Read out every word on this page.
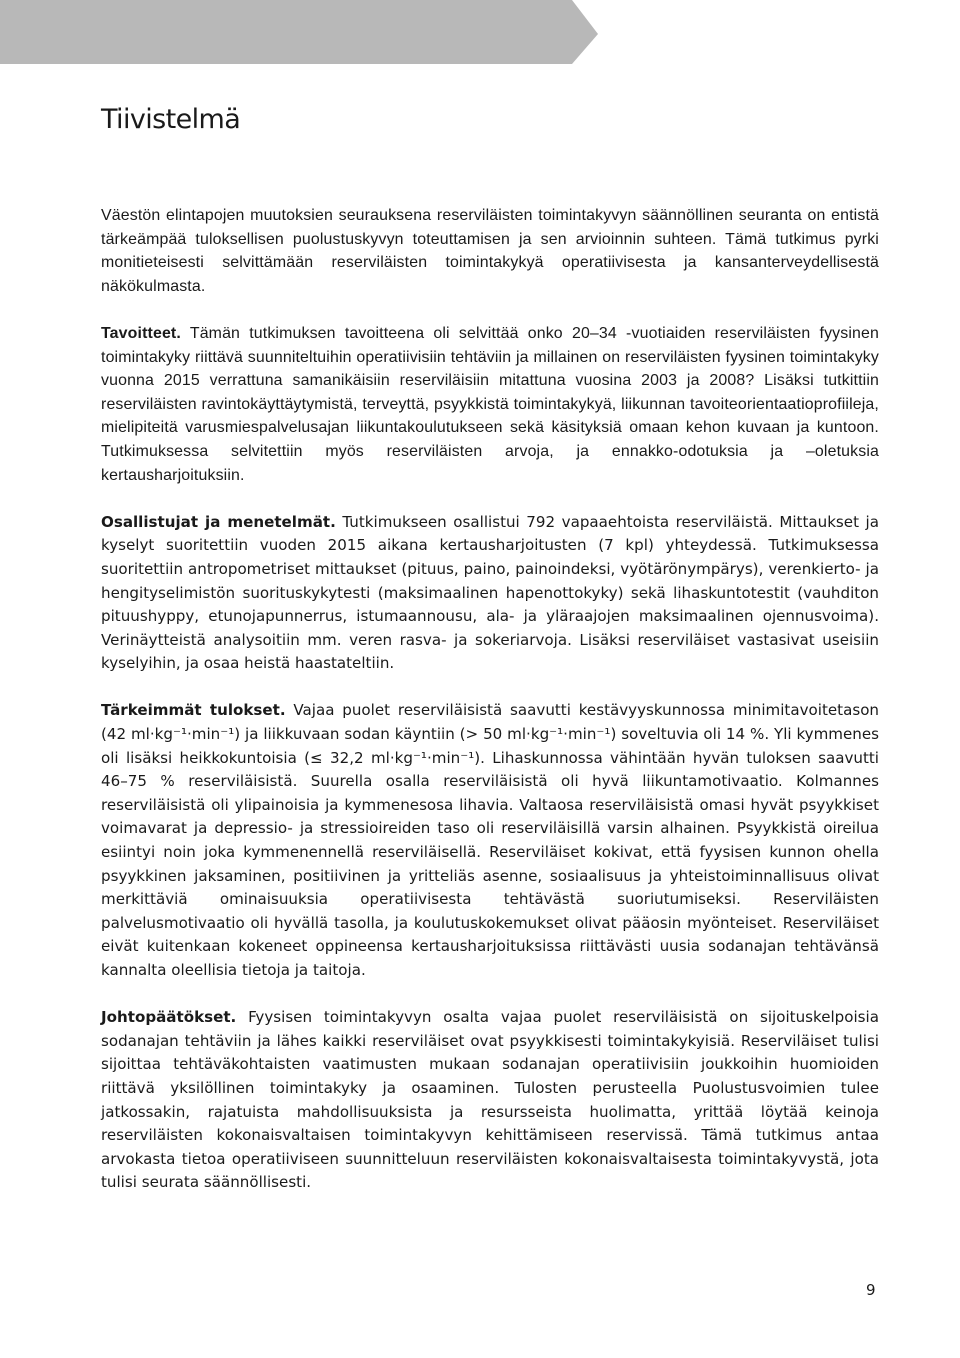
Tiivistelmä

Väestön elintapojen muutoksien seurauksena reserviläisten toimintakyvyn säännöllinen seuranta on entistä tärkeämpää tuloksellisen puolustuskyvyn toteuttamisen ja sen arvioinnin suhteen. Tämä tutkimus pyrki monitieteisesti selvittämään reserviläisten toimintakykyä operatiivisesta ja kansanterveydellisestä näkökulmasta.

Tavoitteet. Tämän tutkimuksen tavoitteena oli selvittää onko 20–34 -vuotiaiden reserviläisten fyysinen toimintakyky riittävä suunniteltuihin operatiivisiin tehtäviin ja millainen on reserviläisten fyysinen toimintakyky vuonna 2015 verrattuna samanikäisiin reserviläisiin mitattuna vuosina 2003 ja 2008? Lisäksi tutkittiin reserviläisten ravintokäyttäytymistä, terveyttä, psyykkistä toimintakykyä, liikunnan tavoiteorientaatioprofiileja, mielipiteitä varusmiespalvelusajan liikuntakoulutukseen sekä käsityksiä omaan kehon kuvaan ja kuntoon. Tutkimuksessa selvitettiin myös reserviläisten arvoja, ja ennakko-odotuksia ja –oletuksia kertausharjoituksiin.

Osallistujat ja menetelmät. Tutkimukseen osallistui 792 vapaaehtoista reserviläistä. Mittaukset ja kyselyt suoritettiin vuoden 2015 aikana kertausharjoitusten (7 kpl) yhteydessä. Tutkimuksessa suoritettiin antropometriset mittaukset (pituus, paino, painoindeksi, vyötärönympärys), verenkierto- ja hengityselimistön suorituskykytesti (maksimaalinen hapenottokyky) sekä lihaskuntotestit (vauhditon pituushyppy, etunojapunnerrus, istumaannousu, ala- ja yläraajojen maksimaalinen ojennusvoima). Verinäytteistä analysoitiin mm. veren rasva- ja sokeriarvoja. Lisäksi reserviläiset vastasivat useisiin kyselyihin, ja osaa heistä haastateltiin.

Tärkeimmät tulokset. Vajaa puolet reserviläisistä saavutti kestävyyskunnossa minimitavoitetason (42 ml·kg⁻¹·min⁻¹) ja liikkuvaan sodan käyntiin (> 50 ml·kg⁻¹·min⁻¹) soveltuvia oli 14 %. Yli kymmenes oli lisäksi heikkokuntoisia (≤ 32,2 ml·kg⁻¹·min⁻¹). Lihaskunnossa vähintään hyvän tuloksen saavutti 46–75 % reserviläisistä. Suurella osalla reserviläisistä oli hyvä liikuntamotivaatio. Kolmannes reserviläisistä oli ylipainoisia ja kymmenesosa lihavia. Valtaosa reserviläisistä omasi hyvät psyykkiset voimavarat ja depressio- ja stressioireiden taso oli reserviläisillä varsin alhainen. Psyykkistä oireilua esiintyi noin joka kymmenennellä reserviläisellä. Reserviläiset kokivat, että fyysisen kunnon ohella psyykkinen jaksaminen, positiivinen ja yritteliäs asenne, sosiaalisuus ja yhteistoiminnallisuus olivat merkittäviä ominaisuuksia operatiivisesta tehtävästä suoriutumiseksi. Reserviläisten palvelusmotivaatio oli hyvällä tasolla, ja koulutuskokemukset olivat pääosin myönteiset. Reserviläiset eivät kuitenkaan kokeneet oppineensa kertausharjoituksissa riittävästi uusia sodanajan tehtävänsä kannalta oleellisia tietoja ja taitoja.

Johtopäätökset. Fyysisen toimintakyvyn osalta vajaa puolet reserviläisistä on sijoituskelpoisia sodanajan tehtäviin ja lähes kaikki reserviläiset ovat psyykkisesti toimintakykyisiä. Reserviläiset tulisi sijoittaa tehtäväkohtaisten vaatimusten mukaan sodanajan operatiivisiin joukkoihin huomioiden riittävä yksilöllinen toimintakyky ja osaaminen. Tulosten perusteella Puolustusvoimien tulee jatkossakin, rajatuista mahdollisuuksista ja resursseista huolimatta, yrittää löytää keinoja reserviläisten kokonaisvaltaisen toimintakyvyn kehittämiseen reservissä. Tämä tutkimus antaa arvokasta tietoa operatiiviseen suunnitteluun reserviläisten kokonaisvaltaisesta toimintakyvystä, jota tulisi seurata säännöllisesti.

9
